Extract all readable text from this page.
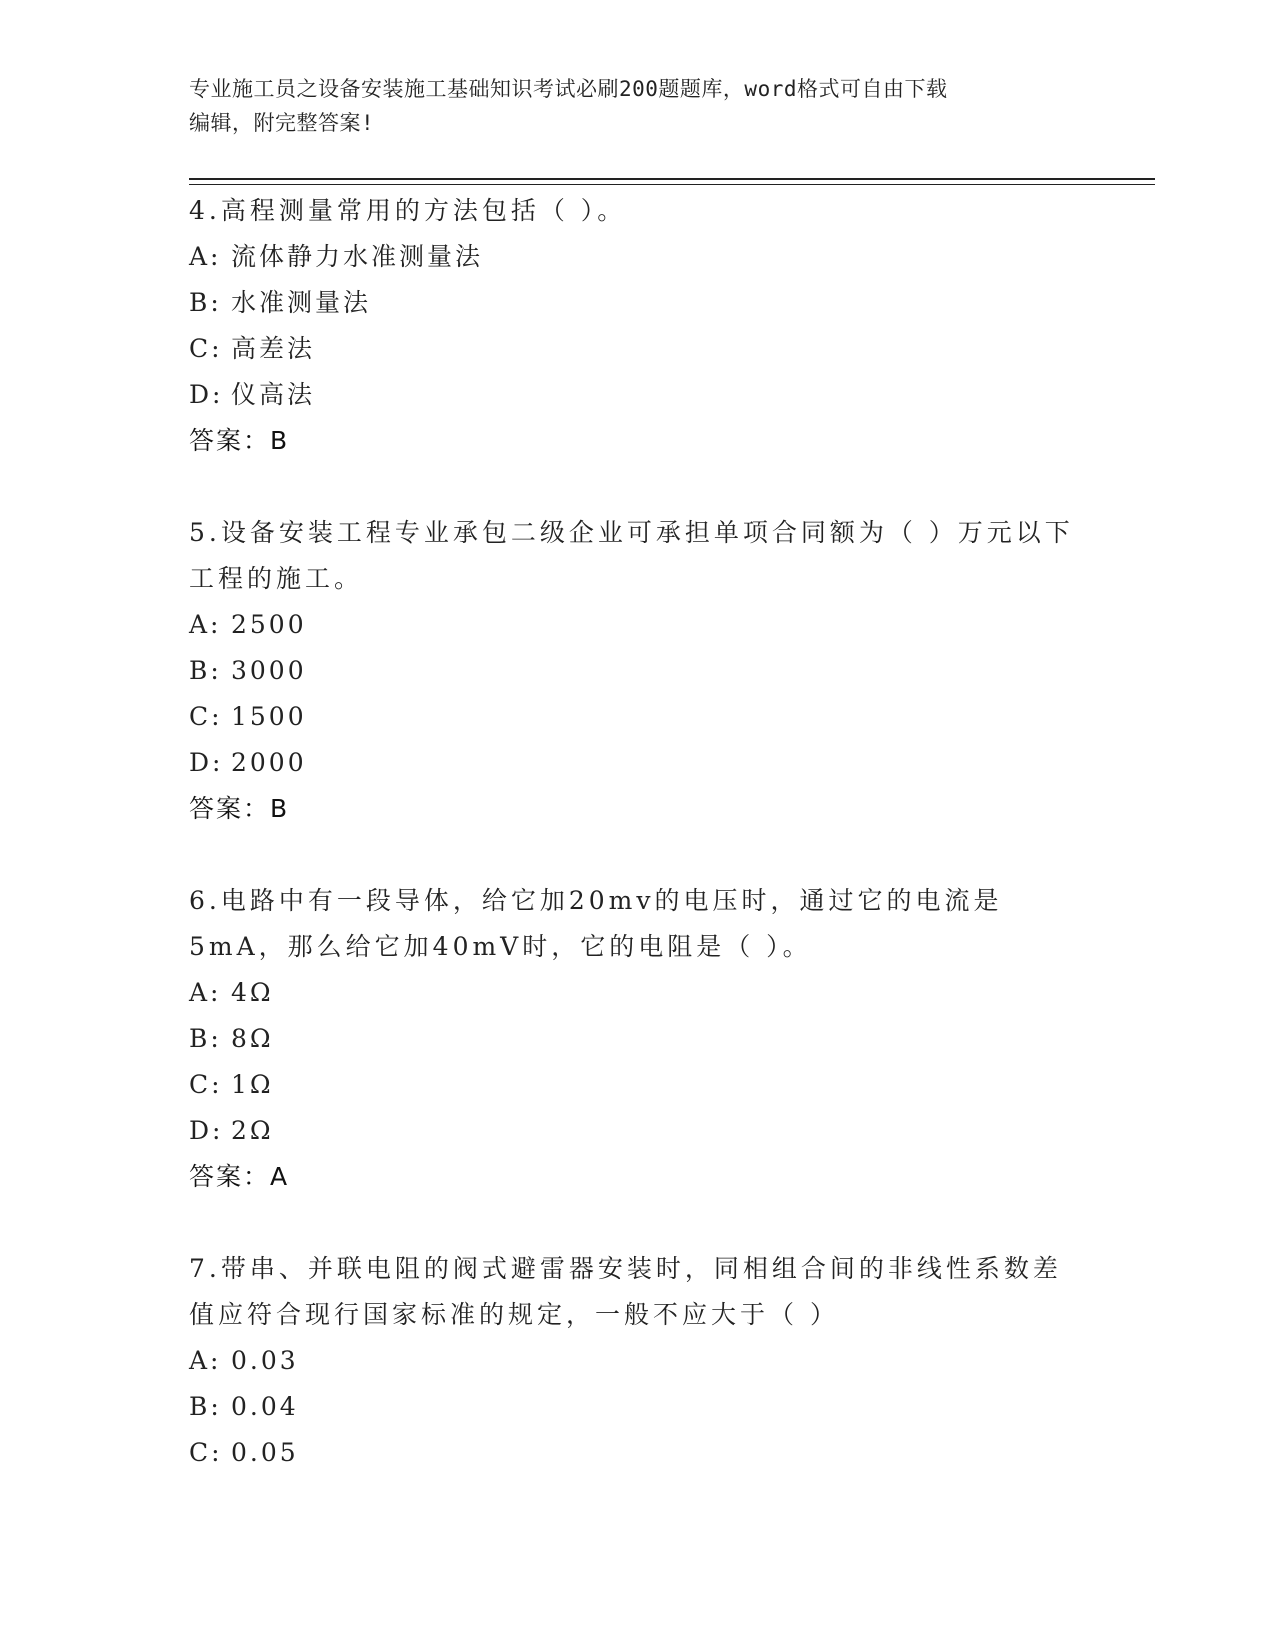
专业施工员之设备安装施工基础知识考试必刷200题题库，word格式可自由下载
编辑，附完整答案!
4.高程测量常用的方法包括（ ）。
A: 流体静力水准测量法
B: 水准测量法
C: 高差法
D: 仪高法
答案：B
5.设备安装工程专业承包二级企业可承担单项合同额为（ ）万元以下工程的施工。
A: 2500
B: 3000
C: 1500
D: 2000
答案：B
6.电路中有一段导体，给它加20mv的电压时，通过它的电流是5mA，那么给它加40mV时，它的电阻是（ ）。
A: 4Ω
B: 8Ω
C: 1Ω
D: 2Ω
答案：A
7.带串、并联电阻的阀式避雷器安装时，同相组合间的非线性系数差值应符合现行国家标准的规定，一般不应大于（ ）
A: 0.03
B: 0.04
C: 0.05
